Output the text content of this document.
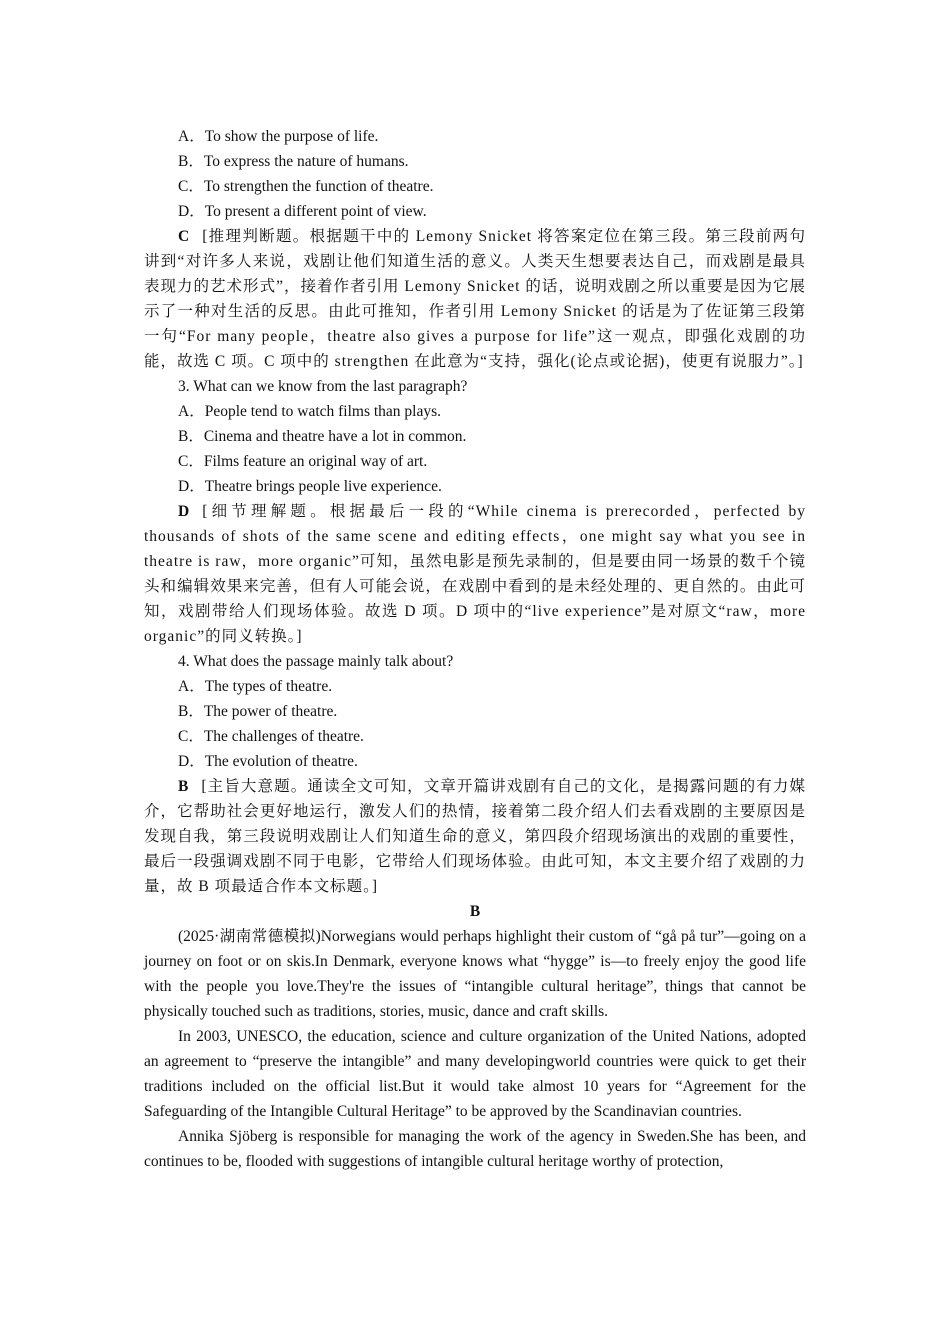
A．To show the purpose of life.
B．To express the nature of humans.
C．To strengthen the function of theatre.
D．To present a different point of view.
C [推理判断题。根据题干中的 Lemony Snicket 将答案定位在第三段。第三段前两句讲到“对许多人来说，戏剧让他们知道生活的意义。人类天生想要表达自己，而戏剧是最具表现力的艺术形式”，接着作者引用 Lemony Snicket 的话，说明戏剧之所以重要是因为它展示了一种对生活的反思。由此可推知，作者引用 Lemony Snicket 的话是为了佐证第三段第一句“For many people，theatre also gives a purpose for life”这一观点，即强化戏剧的功能，故选 C 项。C 项中的 strengthen 在此意为“支持，强化(论点或论据)，使更有说服力”。]
3. What can we know from the last paragraph?
A．People tend to watch films than plays.
B．Cinema and theatre have a lot in common.
C．Films feature an original way of art.
D．Theatre brings people live experience.
D [细节理解题。根据最后一段的“While cinema is prerecorded，perfected by thousands of shots of the same scene and editing effects，one might say what you see in theatre is raw，more organic”可知，虽然电影是预先录制的，但是要由同一场景的数千个镜头和编辑效果来完善，但有人可能会说，在戏剧中看到的是未经处理的、更自然的。由此可知，戏剧带给人们现场体验。故选 D 项。D 项中的“live experience”是对原文“raw，more organic”的同义转换。]
4. What does the passage mainly talk about?
A．The types of theatre.
B．The power of theatre.
C．The challenges of theatre.
D．The evolution of theatre.
B [主旨大意题。通读全文可知，文章开篇讲戏剧有自己的文化，是揭露问题的有力媒介，它帮助社会更好地运行，激发人们的热情，接着第二段介绍人们去看戏剧的主要原因是发现自我，第三段说明戏剧让人们知道生命的意义，第四段介绍现场演出的戏剧的重要性，最后一段强调戏剧不同于电影，它带给人们现场体验。由此可知，本文主要介绍了戏剧的力量，故 B 项最适合作本文标题。]
B
(2025·湖南常德模拟)Norwegians would perhaps highlight their custom of “gå på tur”—going on a journey on foot or on skis.In Denmark, everyone knows what “hygge” is—to freely enjoy the good life with the people you love.They're the issues of “intangible cultural heritage”, things that cannot be physically touched such as traditions, stories, music, dance and craft skills.
In 2003, UNESCO, the education, science and culture organization of the United Nations, adopted an agreement to “preserve the intangible” and many developingworld countries were quick to get their traditions included on the official list.But it would take almost 10 years for “Agreement for the Safeguarding of the Intangible Cultural Heritage” to be approved by the Scandinavian countries.
Annika Sjöberg is responsible for managing the work of the agency in Sweden.She has been, and continues to be, flooded with suggestions of intangible cultural heritage worthy of protection,
